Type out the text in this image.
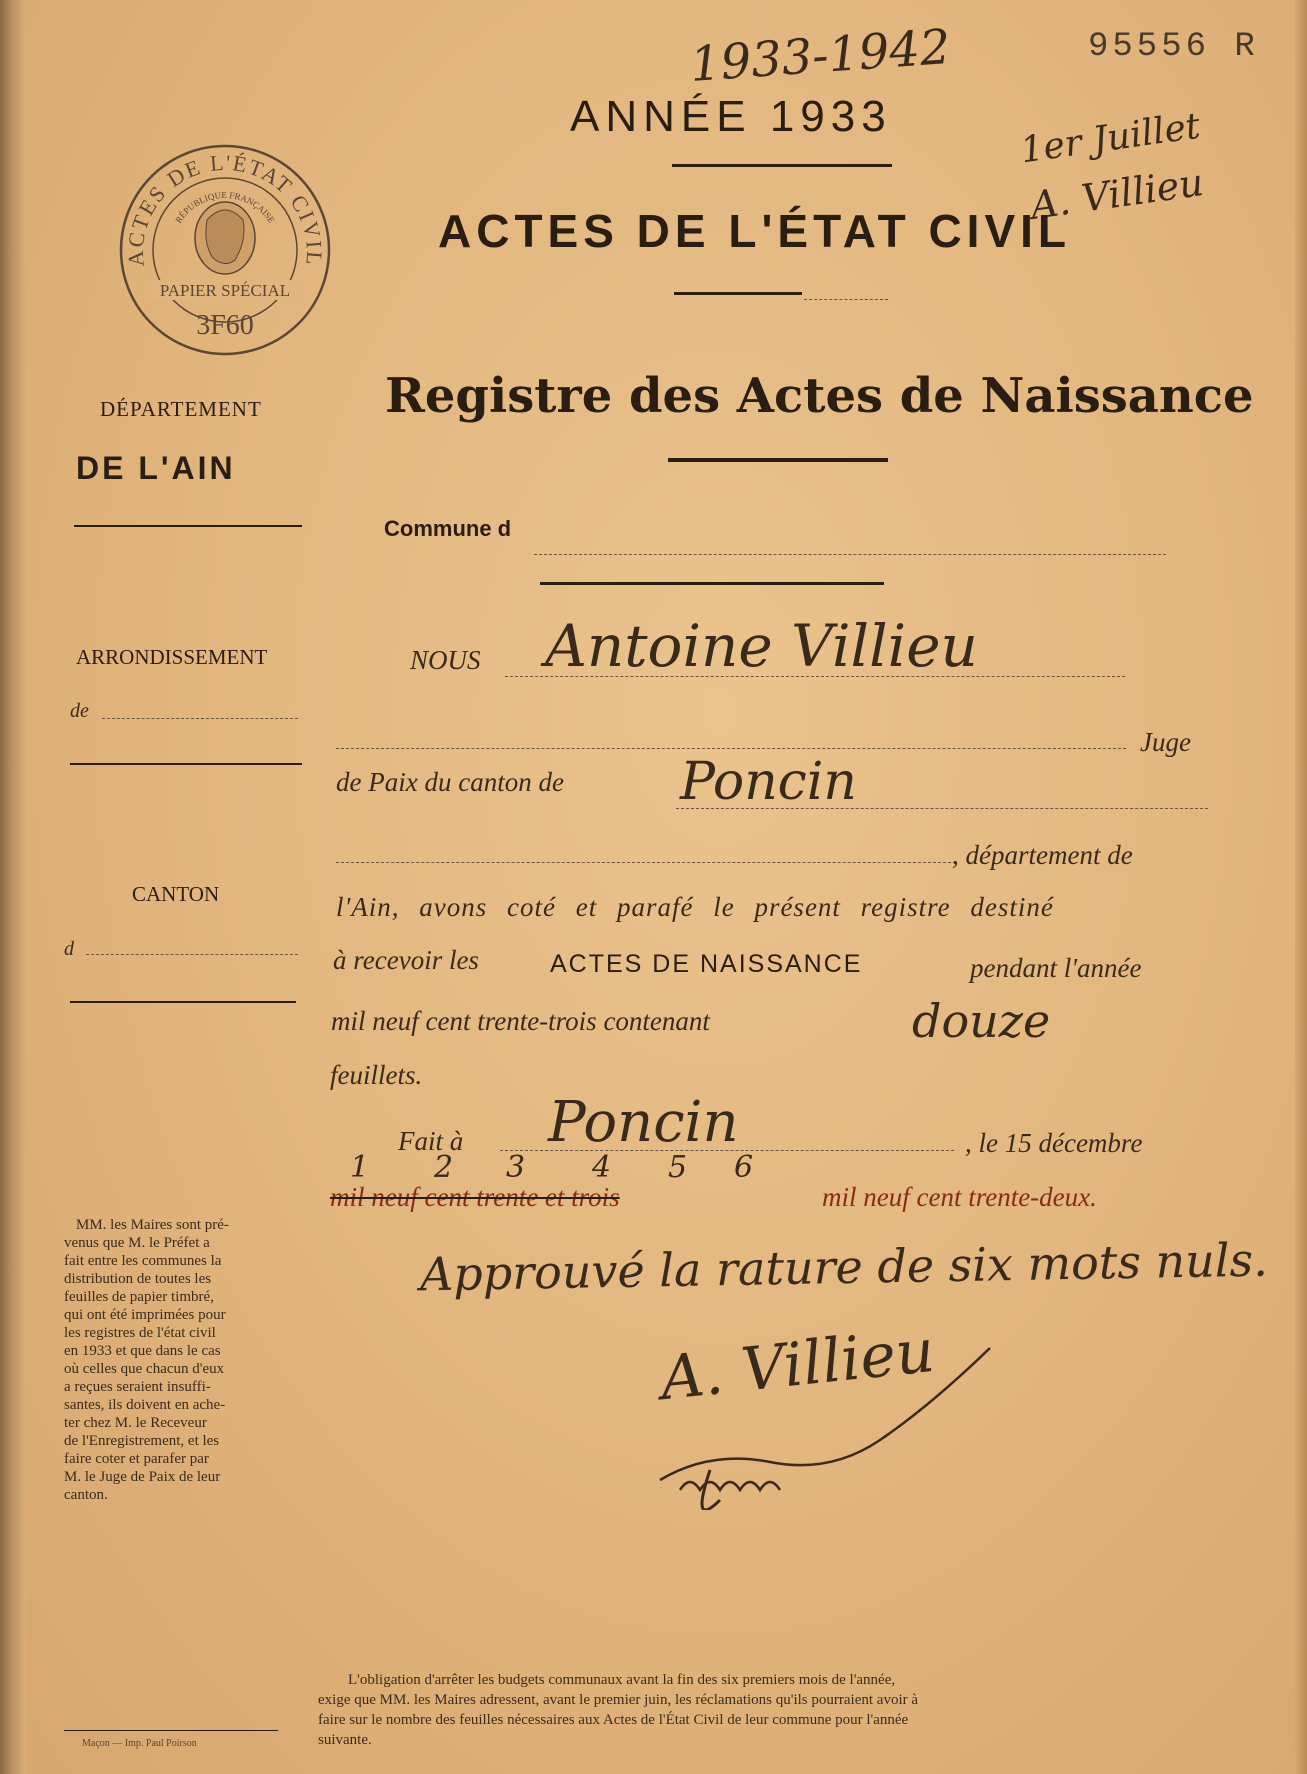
1933-1942	95556 R
ANNÉE 1933
ACTES DE L'ÉTAT CIVIL
Registre des Actes de Naissance
1er Juillet
A. Villieu
ACTES DE L'ÉTAT CIVIL
RÉPUBLIQUE FRANÇAISE
PAPIER SPÉCIAL
3F60
DÉPARTEMENT
DE L'AIN
ARRONDISSEMENT
de
CANTON
d
MM. les Maires sont pré-
venus que M. le Préfet a
fait entre les communes la
distribution de toutes les
feuilles de papier timbré,
qui ont été imprimées pour
les registres de l'état civil
en 1933 et que dans le cas
où celles que chacun d'eux
a reçues seraient insuffi-
santes, ils doivent en ache-
ter chez M. le Receveur
de l'Enregistrement, et les
faire coter et parafer par
M. le Juge de Paix de leur
canton.
Maçon — Imp. Paul Poirson
Commune d
NOUS Antoine Villieu
Juge
de Paix du canton de Poncin
, département de
l'Ain, avons coté et parafé le présent registre destiné
à recevoir les	ACTES DE NAISSANCE	pendant l'année
mil neuf cent trente-trois contenant	douze
feuillets.
Fait à Poncin	, le 15 décembre
1 2 3 4 5 6
mil neuf cent trente et trois	mil neuf cent trente-deux.
Approuvé la rature de six mots nuls.
A. Villieu
L'obligation d'arrêter les budgets communaux avant la fin des six premiers mois de l'année,
exige que MM. les Maires adressent, avant le premier juin, les réclamations qu'ils pourraient avoir à
faire sur le nombre des feuilles nécessaires aux Actes de l'État Civil de leur commune pour l'année
suivante.
